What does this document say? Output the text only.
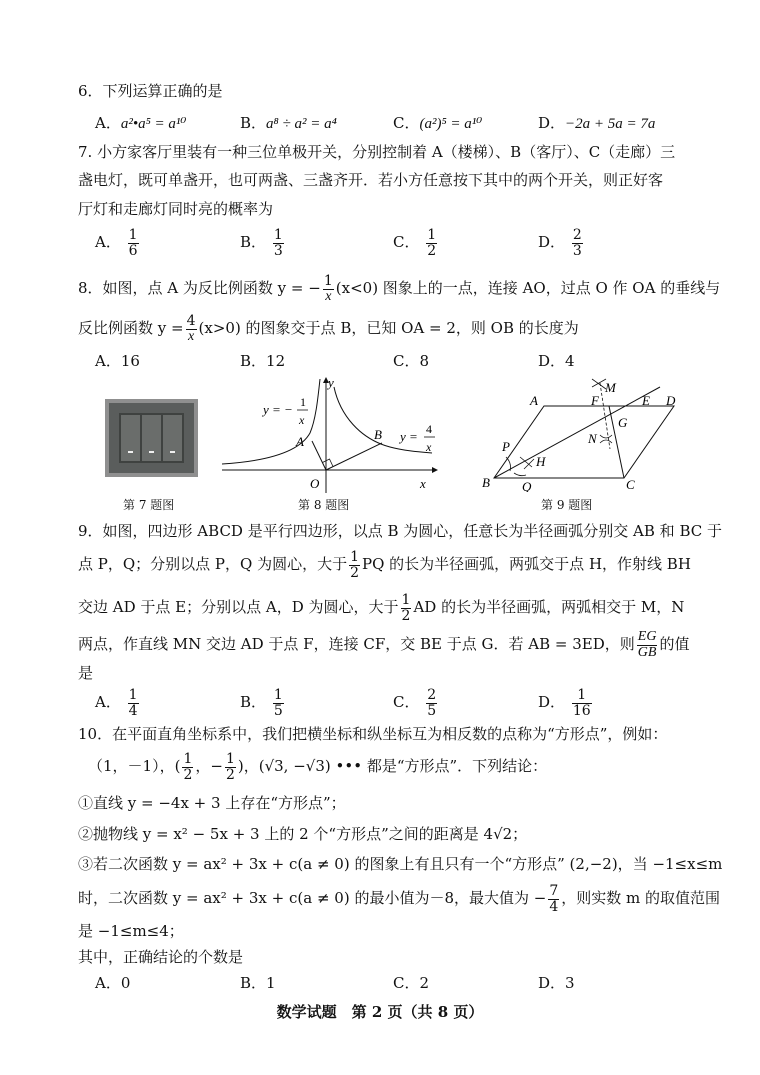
6．下列运算正确的是
A．a²•a⁵ = a¹⁰	B．a⁸ ÷ a² = a⁴	C．(a²)⁵ = a¹⁰	D．−2a + 5a = 7a
7. 小方家客厅里装有一种三位单极开关，分别控制着 A（楼梯）、B（客厅）、C（走廊）三
盏电灯，既可单盏开，也可两盏、三盏齐开．若小方任意按下其中的两个开关，则正好客
厅灯和走廊灯同时亮的概率为
A． $\frac{1}{6}$	B． $\frac{1}{3}$	C． $\frac{1}{2}$	D． $\frac{2}{3}$
8．如图，点 A 为反比例函数 y = − $\frac{1}{x} (x<0)$ 图象上的一点，连接 AO，过点 O 作 OA 的垂线与
反比例函数 $y = \frac{4}{x} (x>0)$ 的图象交于点 B，已知 OA = 2，则 OB 的长度为
A．16	B．12	C．8	D．4
第 7 题图
y
x
O
A	B
y = − 1
x
y = 4
x
第 8 题图
A
B	C
D
E
F
G
H
M
N
P
Q
第 9 题图
9．如图，四边形 ABCD 是平行四边形，以点 B 为圆心，任意长为半径画弧分别交 AB 和 BC 于
点 P，Q；分别以点 P，Q 为圆心，大于 $\frac{1}{2}$ PQ 的长为半径画弧，两弧交于点 H，作射线 BH
交边 AD 于点 E；分别以点 A，D 为圆心，大于 $\frac{1}{2}$ AD 的长为半径画弧，两弧相交于 M，N
两点，作直线 MN 交边 AD 于点 F，连接 CF，交 BE 于点 G．若 AB = 3ED，则 $\frac{EG}{GB}$ 的值
是
A． $\frac{1}{4}$	B． $\frac{1}{5}$	C． $\frac{2}{5}$	D． $\frac{1}{16}$
10．在平面直角坐标系中，我们把横坐标和纵坐标互为相反数的点称为“方形点”，例如：
（1，－1），( $\frac{1}{2}$ ，− $\frac{1}{2}$ )，(√3, −√3) ••• 都是“方形点”．下列结论：
①直线 y = −4x + 3 上存在“方形点”；
②抛物线 y = x² − 5x + 3 上的 2 个“方形点”之间的距离是 4√2；
③若二次函数 y = ax² + 3x + c(a ≠ 0) 的图象上有且只有一个“方形点” (2,−2)，当 −1≤x≤m
时，二次函数 y = ax² + 3x + c(a ≠ 0) 的最小值为－8，最大值为 − $\frac{7}{4}$ ，则实数 m 的取值范围
是 −1≤m≤4；
其中，正确结论的个数是
A．0	B．1	C．2	D．3
数学试题　第 2 页（共 8 页）
